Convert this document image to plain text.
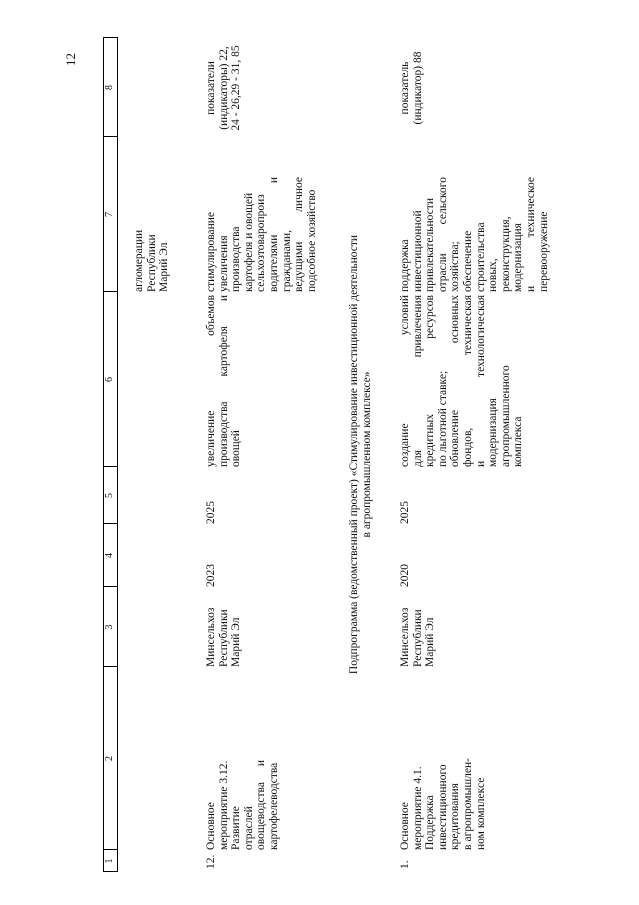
12
1
2
3
4
5
6
7
8
агломерации Республики Марий Эл
12.
Основное мероприятие 3.12. Развитие отраслей овощеводства и картофелеводства
Минсельхоз Республики Марий Эл
2023
2025
увеличение объемов производства картофеля и овощей
стимулирование увеличения производства картофеля и овощей сельхозтоваропроиз водителями и гражданами, ведущими личное подсобное хозяйство
показатели (индикаторы) 22, 24 - 26,29 - 31, 85
Подпрограмма (ведомственный проект) «Стимулирование инвестиционной деятельности в агропромышленном комплексе»
1.
Основное мероприятие 4.1. Поддержка инвестиционного кредитования в агропромышлен- ном комплексе
Минсельхоз Республики Марий Эл
2020
2025
создание условий для привлечения кредитных ресурсов по льготной ставке; обновление основных фондов, техническая и технологическая модернизация агропромышленного комплекса
поддержка инвестиционной привлекательности отрасли сельского хозяйства; обеспечение строительства новых, реконструкция, модернизация и техническое перевооружение
показатель (индикатор) 88
